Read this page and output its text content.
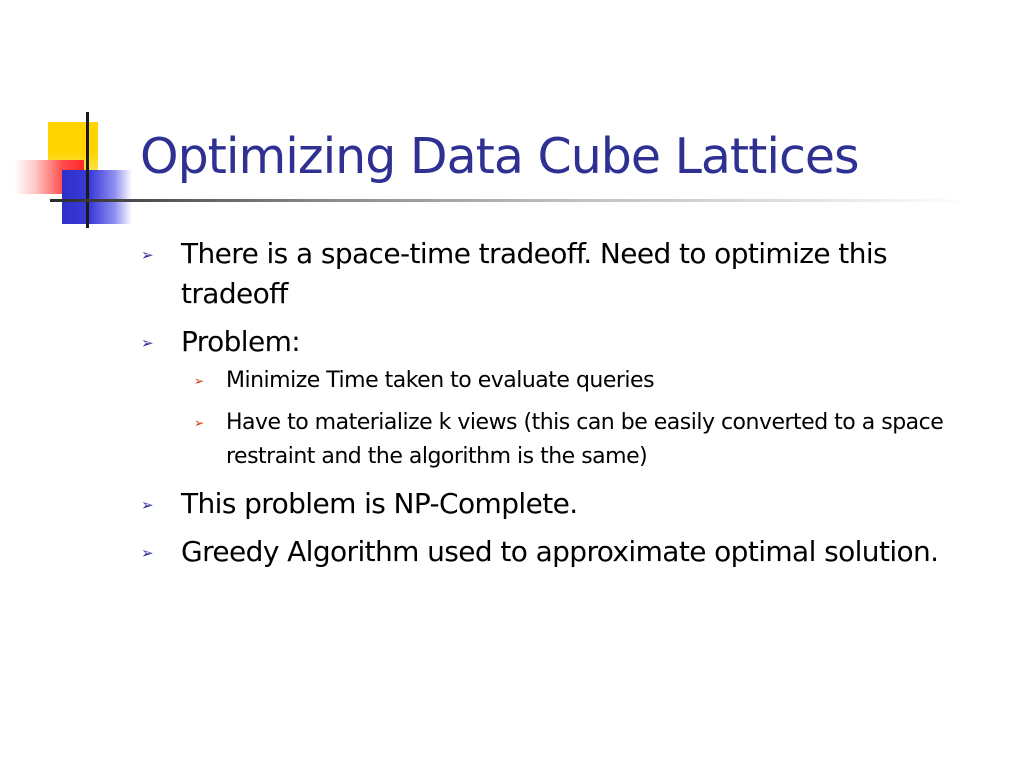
Optimizing Data Cube Lattices
➢ There is a space-time tradeoff. Need to optimize this tradeoff
➢ Problem:
➢ Minimize Time taken to evaluate queries
➢ Have to materialize k views (this can be easily converted to a space restraint and the algorithm is the same)
➢ This problem is NP-Complete.
➢ Greedy Algorithm used to approximate optimal solution.
